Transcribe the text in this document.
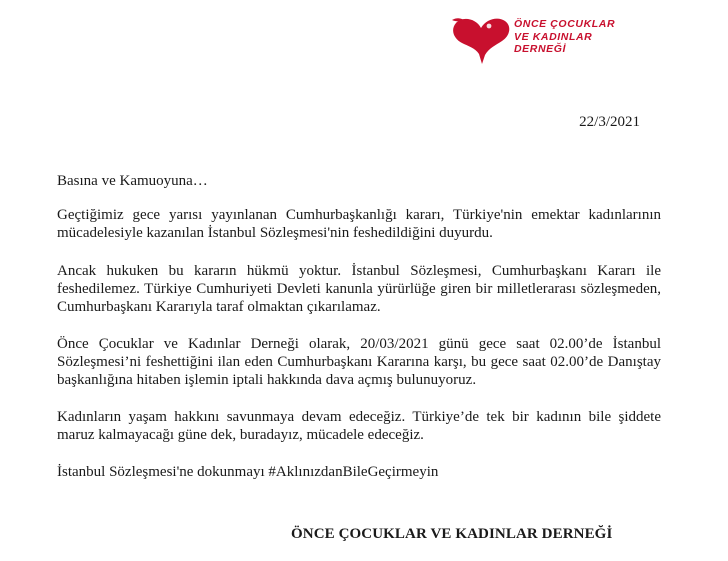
ÖNCE ÇOCUKLAR
VE KADINLAR
DERNEĞİ
22/3/2021

Basına ve Kamuoyuna…

Geçtiğimiz gece yarısı yayınlanan Cumhurbaşkanlığı kararı, Türkiye'nin emektar kadınlarının mücadelesiyle kazanılan İstanbul Sözleşmesi'nin feshedildiğini duyurdu.

Ancak hukuken bu kararın hükmü yoktur. İstanbul Sözleşmesi, Cumhurbaşkanı Kararı ile feshedilemez. Türkiye Cumhuriyeti Devleti kanunla yürürlüğe giren bir milletlerarası sözleşmeden, Cumhurbaşkanı Kararıyla taraf olmaktan çıkarılamaz.

Önce Çocuklar ve Kadınlar Derneği olarak, 20/03/2021 günü gece saat 02.00’de İstanbul Sözleşmesi’ni feshettiğini ilan eden Cumhurbaşkanı Kararına karşı, bu gece saat 02.00’de Danıştay başkanlığına hitaben işlemin iptali hakkında dava açmış bulunuyoruz.

Kadınların yaşam hakkını savunmaya devam edeceğiz. Türkiye’de tek bir kadının bile şiddete maruz kalmayacağı güne dek, buradayız, mücadele edeceğiz.

İstanbul Sözleşmesi'ne dokunmayı #AklınızdanBileGeçirmeyin

ÖNCE ÇOCUKLAR VE KADINLAR DERNEĞİ
